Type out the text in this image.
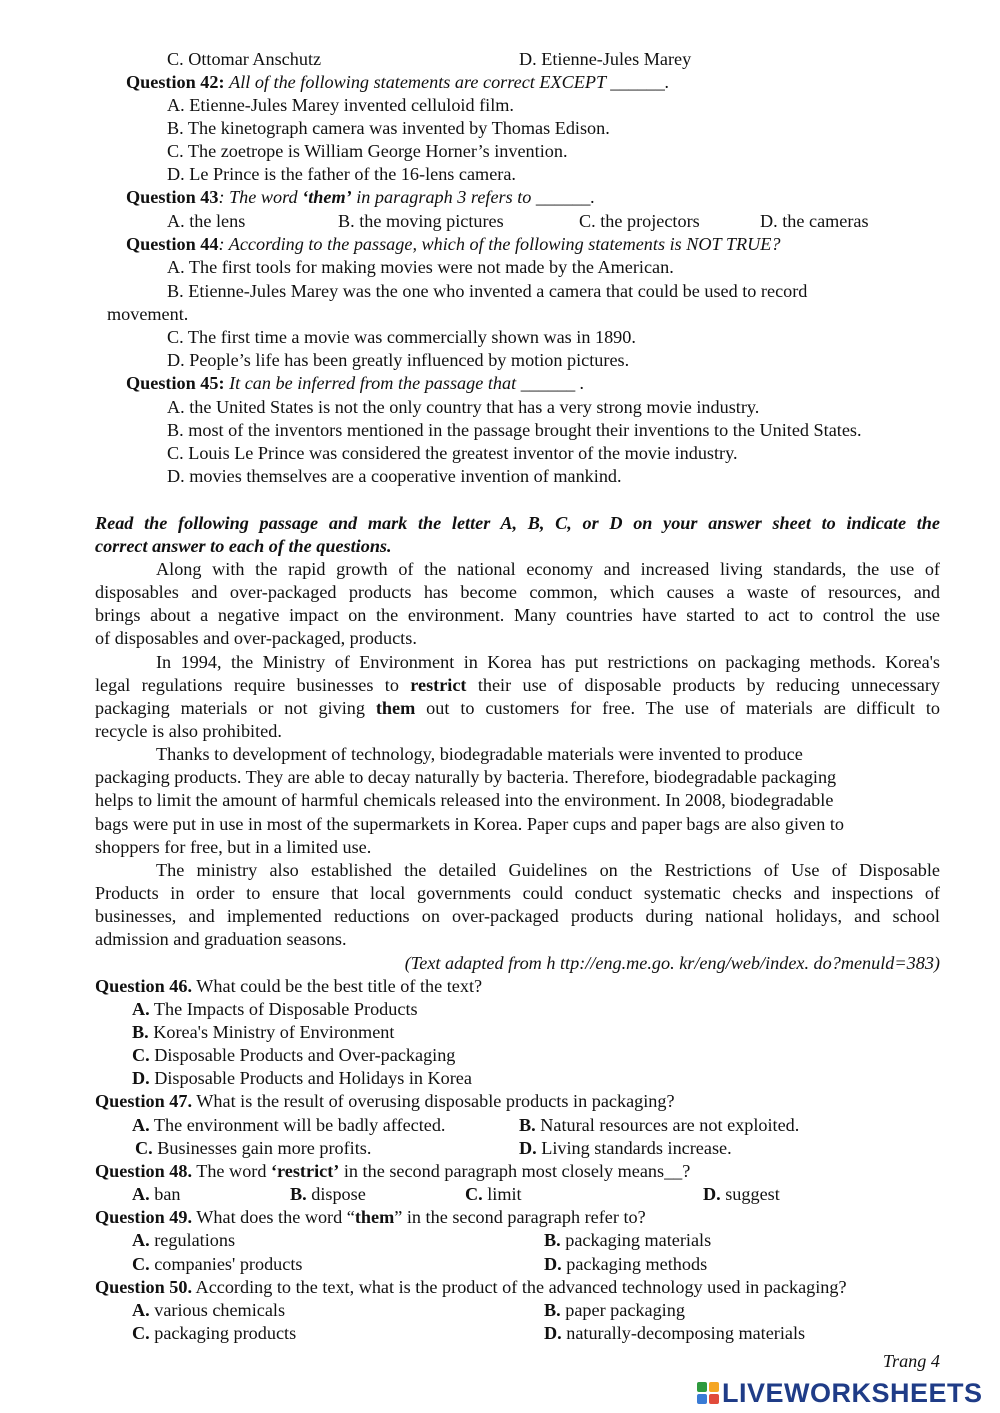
C. Ottomar Anschutz	D. Etienne-Jules Marey
Question 42: All of the following statements are correct EXCEPT ______.
A. Etienne-Jules Marey invented celluloid film.
B. The kinetograph camera was invented by Thomas Edison.
C. The zoetrope is William George Horner’s invention.
D. Le Prince is the father of the 16-lens camera.
Question 43: The word ‘them’ in paragraph 3 refers to ______.
A. the lens	B. the moving pictures	C. the projectors	D. the cameras
Question 44: According to the passage, which of the following statements is NOT TRUE?
A. The first tools for making movies were not made by the American.
B. Etienne-Jules Marey was the one who invented a camera that could be used to record
movement.
C. The first time a movie was commercially shown was in 1890.
D. People’s life has been greatly influenced by motion pictures.
Question 45: It can be inferred from the passage that ______ .
A. the United States is not the only country that has a very strong movie industry.
B. most of the inventors mentioned in the passage brought their inventions to the United States.
C. Louis Le Prince was considered the greatest inventor of the movie industry.
D. movies themselves are a cooperative invention of mankind.
Read the following passage and mark the letter A, B, C, or D on your answer sheet to indicate the
correct answer to each of the questions.
Along with the rapid growth of the national economy and increased living standards, the use of
disposables and over-packaged products has become common, which causes a waste of resources, and
brings about a negative impact on the environment. Many countries have started to act to control the use
of disposables and over-packaged, products.
In 1994, the Ministry of Environment in Korea has put restrictions on packaging methods. Korea's
legal regulations require businesses to restrict their use of disposable products by reducing unnecessary
packaging materials or not giving them out to customers for free. The use of materials are difficult to
recycle is also prohibited.
Thanks to development of technology, biodegradable materials were invented to produce
packaging products. They are able to decay naturally by bacteria. Therefore, biodegradable packaging
helps to limit the amount of harmful chemicals released into the environment. In 2008, biodegradable
bags were put in use in most of the supermarkets in Korea. Paper cups and paper bags are also given to
shoppers for free, but in a limited use.
The ministry also established the detailed Guidelines on the Restrictions of Use of Disposable
Products in order to ensure that local governments could conduct systematic checks and inspections of
businesses, and implemented reductions on over-packaged products during national holidays, and school
admission and graduation seasons.
(Text adapted from h ttp://eng.me.go. kr/eng/web/index. do?menuld=383)
Question 46. What could be the best title of the text?
A. The Impacts of Disposable Products
B. Korea's Ministry of Environment
C. Disposable Products and Over-packaging
D. Disposable Products and Holidays in Korea
Question 47. What is the result of overusing disposable products in packaging?
A. The environment will be badly affected.	B. Natural resources are not exploited.
C. Businesses gain more profits.	D. Living standards increase.
Question 48. The word ‘restrict’ in the second paragraph most closely means__?
A. ban	B. dispose	C. limit	D. suggest
Question 49. What does the word “them” in the second paragraph refer to?
A. regulations	B. packaging materials
C. companies' products	D. packaging methods
Question 50. According to the text, what is the product of the advanced technology used in packaging?
A. various chemicals	B. paper packaging
C. packaging products	D. naturally-decomposing materials
Trang 4
LIVEWORKSHEETS
